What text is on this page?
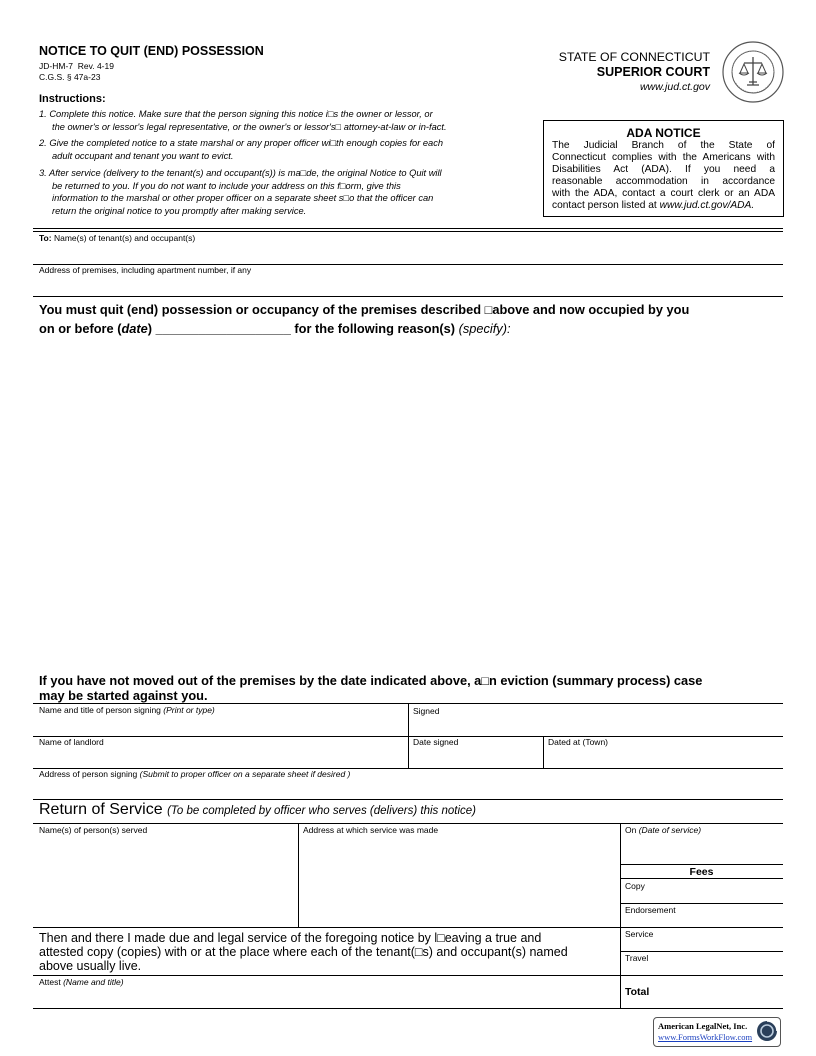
NOTICE TO QUIT (END) POSSESSION
JD-HM-7 Rev. 4-19
C.G.S. § 47a-23
STATE OF CONNECTICUT
SUPERIOR COURT
www.jud.ct.gov
Instructions:
1. Complete this notice. Make sure that the person signing this notice i□s the owner or lessor, or
the owner's or lessor's legal representative, or the owner's or lessor's□ attorney-at-law or in-fact.
2. Give the completed notice to a state marshal or any proper officer wi□th enough copies for each
adult occupant and tenant you want to evict.
3. After service (delivery to the tenant(s) and occupant(s)) is ma□de, the original Notice to Quit will
be returned to you. If you do not want to include your address on this f□orm, give this
information to the marshal or other proper officer on a separate sheet s□o that the officer can
return the original notice to you promptly after making service.
ADA NOTICE
The Judicial Branch of the State of
Connecticut complies with the Americans with
Disabilities Act (ADA). If you need a
reasonable accommodation in accordance
with the ADA, contact a court clerk or an ADA
contact person listed at www.jud.ct.gov/ADA.
To: Name(s) of tenant(s) and occupant(s)
Address of premises, including apartment number, if any
You must quit (end) possession or occupancy of the premises described □above and now occupied by you
on or before (date) ___________________ for the following reason(s) (specify):
If you have not moved out of the premises by the date indicated above, a□n eviction (summary process) case
may be started against you.
Name and title of person signing (Print or type)	Signed
Name of landlord	Date signed	Dated at (Town)
Address of person signing (Submit to proper officer on a separate sheet if desired )
Return of Service (To be completed by officer who serves (delivers) this notice)
Name(s) of person(s) served	Address at which service was made	On (Date of service)
Fees
Copy
Endorsement
Then and there I made due and legal service of the foregoing notice by l□eaving a true and
attested copy (copies) with or at the place where each of the tenant(□s) and occupant(s) named
above usually live.
Service
Travel
Attest (Name and title)
Total
American LegalNet, Inc.
www.FormsWorkFlow.com
